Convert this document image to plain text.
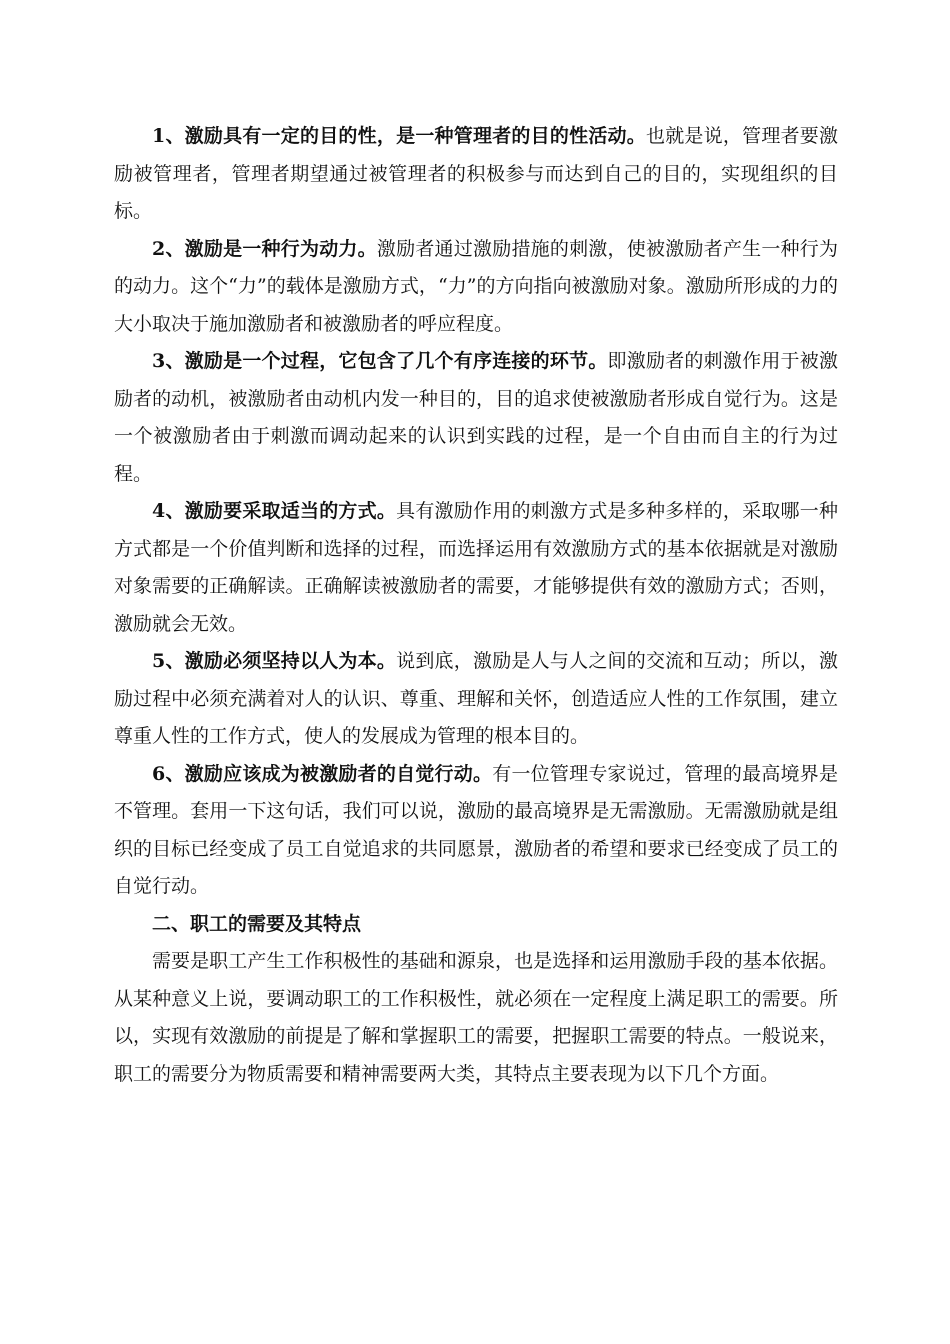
1、激励具有一定的目的性，是一种管理者的目的性活动。也就是说，管理者要激励被管理者，管理者期望通过被管理者的积极参与而达到自己的目的，实现组织的目标。

2、激励是一种行为动力。激励者通过激励措施的刺激，使被激励者产生一种行为的动力。这个“力”的载体是激励方式，“力”的方向指向被激励对象。激励所形成的力的大小取决于施加激励者和被激励者的呼应程度。

3、激励是一个过程，它包含了几个有序连接的环节。即激励者的刺激作用于被激励者的动机，被激励者由动机内发一种目的，目的追求使被激励者形成自觉行为。这是一个被激励者由于刺激而调动起来的认识到实践的过程，是一个自由而自主的行为过程。

4、激励要采取适当的方式。具有激励作用的刺激方式是多种多样的，采取哪一种方式都是一个价值判断和选择的过程，而选择运用有效激励方式的基本依据就是对激励对象需要的正确解读。正确解读被激励者的需要，才能够提供有效的激励方式；否则，激励就会无效。

5、激励必须坚持以人为本。说到底，激励是人与人之间的交流和互动；所以，激励过程中必须充满着对人的认识、尊重、理解和关怀，创造适应人性的工作氛围，建立尊重人性的工作方式，使人的发展成为管理的根本目的。

6、激励应该成为被激励者的自觉行动。有一位管理专家说过，管理的最高境界是不管理。套用一下这句话，我们可以说，激励的最高境界是无需激励。无需激励就是组织的目标已经变成了员工自觉追求的共同愿景，激励者的希望和要求已经变成了员工的自觉行动。

二、职工的需要及其特点

需要是职工产生工作积极性的基础和源泉，也是选择和运用激励手段的基本依据。从某种意义上说，要调动职工的工作积极性，就必须在一定程度上满足职工的需要。所以，实现有效激励的前提是了解和掌握职工的需要，把握职工需要的特点。一般说来，职工的需要分为物质需要和精神需要两大类，其特点主要表现为以下几个方面。
